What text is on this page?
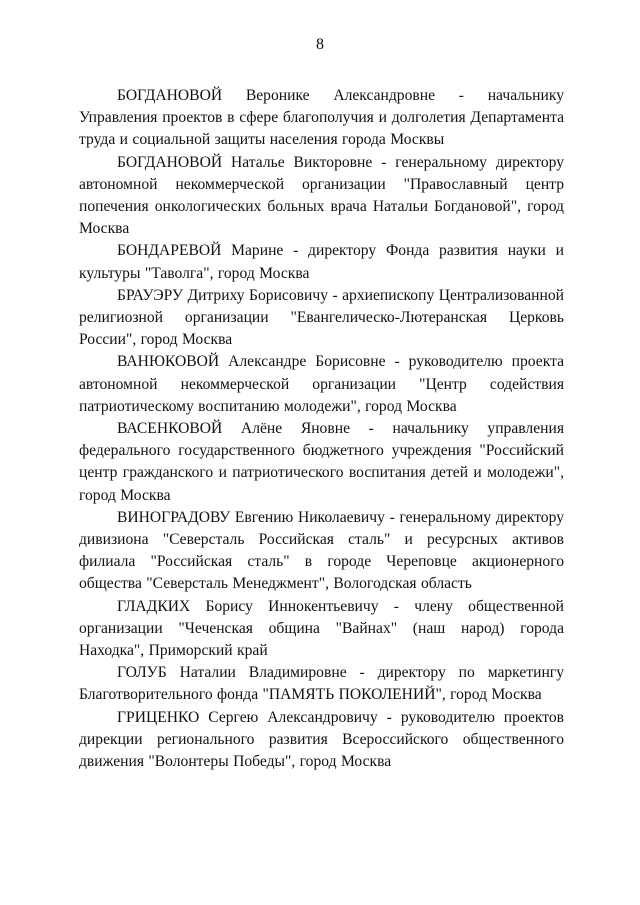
8

БОГДАНОВОЙ Веронике Александровне - начальнику Управления проектов в сфере благополучия и долголетия Департамента труда и социальной защиты населения города Москвы

БОГДАНОВОЙ Наталье Викторовне - генеральному директору автономной некоммерческой организации "Православный центр попечения онкологических больных врача Натальи Богдановой", город Москва

БОНДАРЕВОЙ Марине - директору Фонда развития науки и культуры "Таволга", город Москва

БРАУЭРУ Дитриху Борисовичу - архиепископу Централизованной религиозной организации "Евангелическо-Лютеранская Церковь России", город Москва

ВАНЮКОВОЙ Александре Борисовне - руководителю проекта автономной некоммерческой организации "Центр содействия патриотическому воспитанию молодежи", город Москва

ВАСЕНКОВОЙ Алёне Яновне - начальнику управления федерального государственного бюджетного учреждения "Российский центр гражданского и патриотического воспитания детей и молодежи", город Москва

ВИНОГРАДОВУ Евгению Николаевичу - генеральному директору дивизиона "Северсталь Российская сталь" и ресурсных активов филиала "Российская сталь" в городе Череповце акционерного общества "Северсталь Менеджмент", Вологодская область

ГЛАДКИХ Борису Иннокентьевичу - члену общественной организации "Чеченская община "Вайнах" (наш народ) города Находка", Приморский край

ГОЛУБ Наталии Владимировне - директору по маркетингу Благотворительного фонда "ПАМЯТЬ ПОКОЛЕНИЙ", город Москва

ГРИЦЕНКО Сергею Александровичу - руководителю проектов дирекции регионального развития Всероссийского общественного движения "Волонтеры Победы", город Москва
